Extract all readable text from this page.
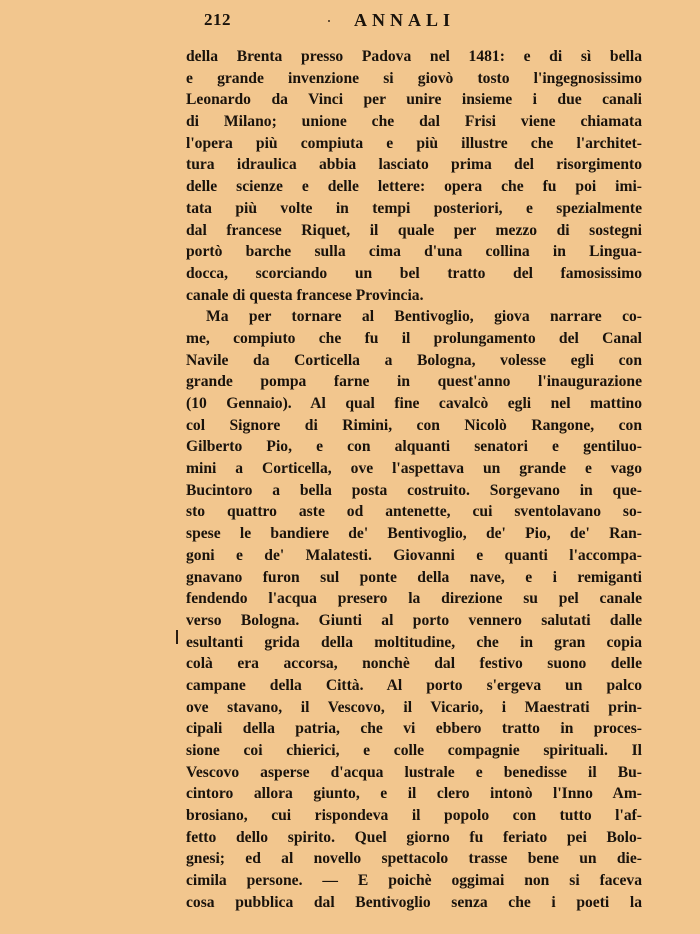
212	ANNALI
della Brenta presso Padova nel 1481: e di sì bella
e grande invenzione si giovò tosto l'ingegnosissimo
Leonardo da Vinci per unire insieme i due canali
di Milano; unione che dal Frisi viene chiamata
l'opera più compiuta e più illustre che l'architet-
tura idraulica abbia lasciato prima del risorgimento
delle scienze e delle lettere: opera che fu poi imi-
tata più volte in tempi posteriori, e spezialmente
dal francese Riquet, il quale per mezzo di sostegni
portò barche sulla cima d'una collina in Lingua-
docca, scorciando un bel tratto del famosissimo
canale di questa francese Provincia.
Ma per tornare al Bentivoglio, giova narrare co-
me, compiuto che fu il prolungamento del Canal
Navile da Corticella a Bologna, volesse egli con
grande pompa farne in quest'anno l'inaugurazione
(10 Gennaio). Al qual fine cavalcò egli nel mattino
col Signore di Rimini, con Nicolò Rangone, con
Gilberto Pio, e con alquanti senatori e gentiluo-
mini a Corticella, ove l'aspettava un grande e vago
Bucintoro a bella posta costruito. Sorgevano in que-
sto quattro aste od antenette, cui sventolavano so-
spese le bandiere de' Bentivoglio, de' Pio, de' Ran-
goni e de' Malatesti. Giovanni e quanti l'accompa-
gnavano furon sul ponte della nave, e i remiganti
fendendo l'acqua presero la direzione su pel canale
verso Bologna. Giunti al porto vennero salutati dalle
esultanti grida della moltitudine, che in gran copia
colà era accorsa, nonchè dal festivo suono delle
campane della Città. Al porto s'ergeva un palco
ove stavano, il Vescovo, il Vicario, i Maestrati prin-
cipali della patria, che vi ebbero tratto in proces-
sione coi chierici, e colle compagnie spirituali. Il
Vescovo asperse d'acqua lustrale e benedisse il Bu-
cintoro allora giunto, e il clero intonò l'Inno Am-
brosiano, cui rispondeva il popolo con tutto l'af-
fetto dello spirito. Quel giorno fu feriato pei Bolo-
gnesi; ed al novello spettacolo trasse bene un die-
cimila persone. — E poichè oggimai non si faceva
cosa pubblica dal Bentivoglio senza che i poeti la
